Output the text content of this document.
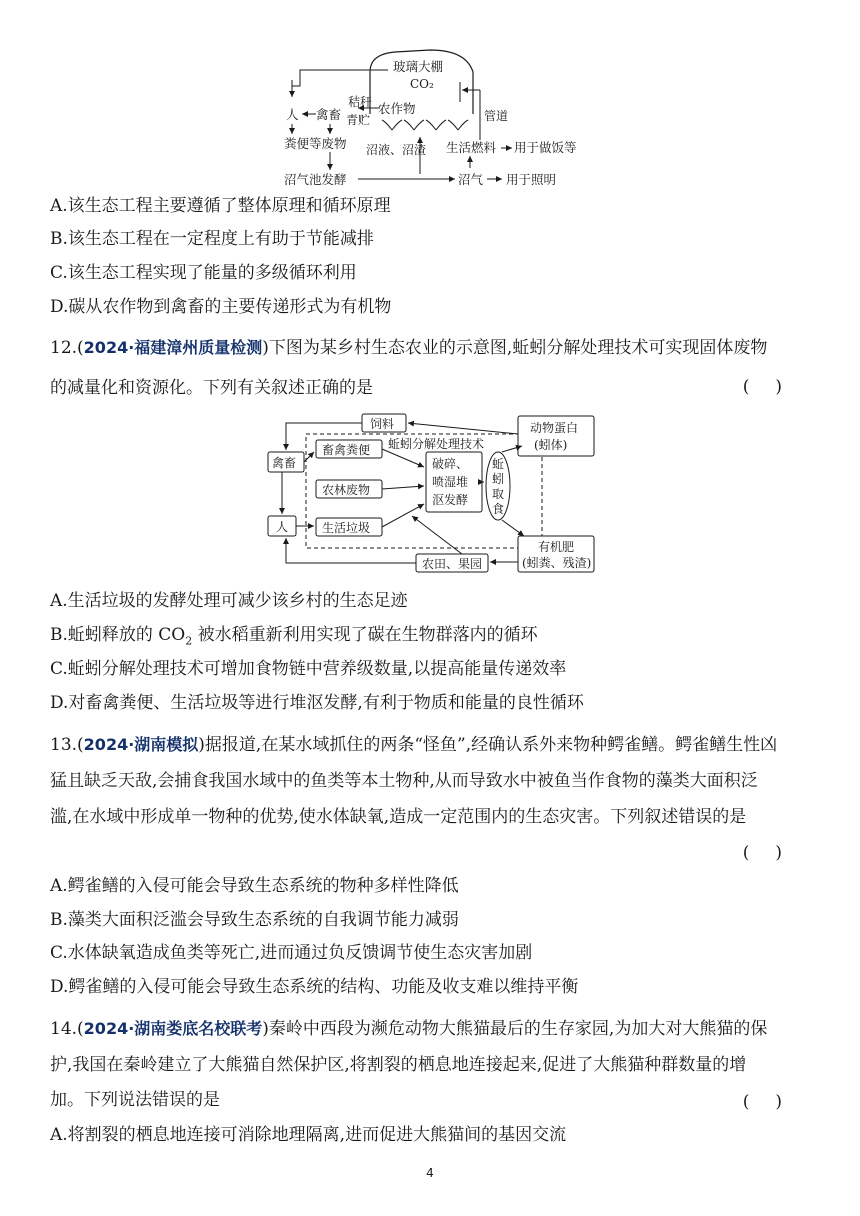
玻璃大棚
CO₂
管道
人 禽畜
秸秆
青贮
农作物
粪便等废物 沼液、沼渣 生活燃料 用于做饭等
沼气池发酵	沼气 用于照明
A.该生态工程主要遵循了整体原理和循环原理
B.该生态工程在一定程度上有助于节能减排
C.该生态工程实现了能量的多级循环利用
D.碳从农作物到禽畜的主要传递形式为有机物
12.(2024·福建漳州质量检测)下图为某乡村生态农业的示意图,蚯蚓分解处理技术可实现固体废物
的减量化和资源化。下列有关叙述正确的是	()
饲料	动物蛋白
(蚓体)
禽畜
畜禽粪便 蚯蚓分解处理技术
农林废物
破碎、
喷湿堆
沤发酵
蚯
蚓
取
食
人	生活垃圾
有机肥
(蚓粪、残渣)
农田、果园
A.生活垃圾的发酵处理可减少该乡村的生态足迹
B.蚯蚓释放的 $CO_2$ 被水稻重新利用实现了碳在生物群落内的循环
C.蚯蚓分解处理技术可增加食物链中营养级数量,以提高能量传递效率
D.对畜禽粪便、生活垃圾等进行堆沤发酵,有利于物质和能量的良性循环
13.(2024·湖南模拟)据报道,在某水域抓住的两条“怪鱼”,经确认系外来物种鳄雀鳝。鳄雀鳝生性凶
猛且缺乏天敌,会捕食我国水域中的鱼类等本土物种,从而导致水中被鱼当作食物的藻类大面积泛
滥,在水域中形成单一物种的优势,使水体缺氧,造成一定范围内的生态灾害。下列叙述错误的是
()
A.鳄雀鳝的入侵可能会导致生态系统的物种多样性降低
B.藻类大面积泛滥会导致生态系统的自我调节能力减弱
C.水体缺氧造成鱼类等死亡,进而通过负反馈调节使生态灾害加剧
D.鳄雀鳝的入侵可能会导致生态系统的结构、功能及收支难以维持平衡
14.(2024·湖南娄底名校联考)秦岭中西段为濒危动物大熊猫最后的生存家园,为加大对大熊猫的保
护,我国在秦岭建立了大熊猫自然保护区,将割裂的栖息地连接起来,促进了大熊猫种群数量的增
加。下列说法错误的是	()
A.将割裂的栖息地连接可消除地理隔离,进而促进大熊猫间的基因交流
4
